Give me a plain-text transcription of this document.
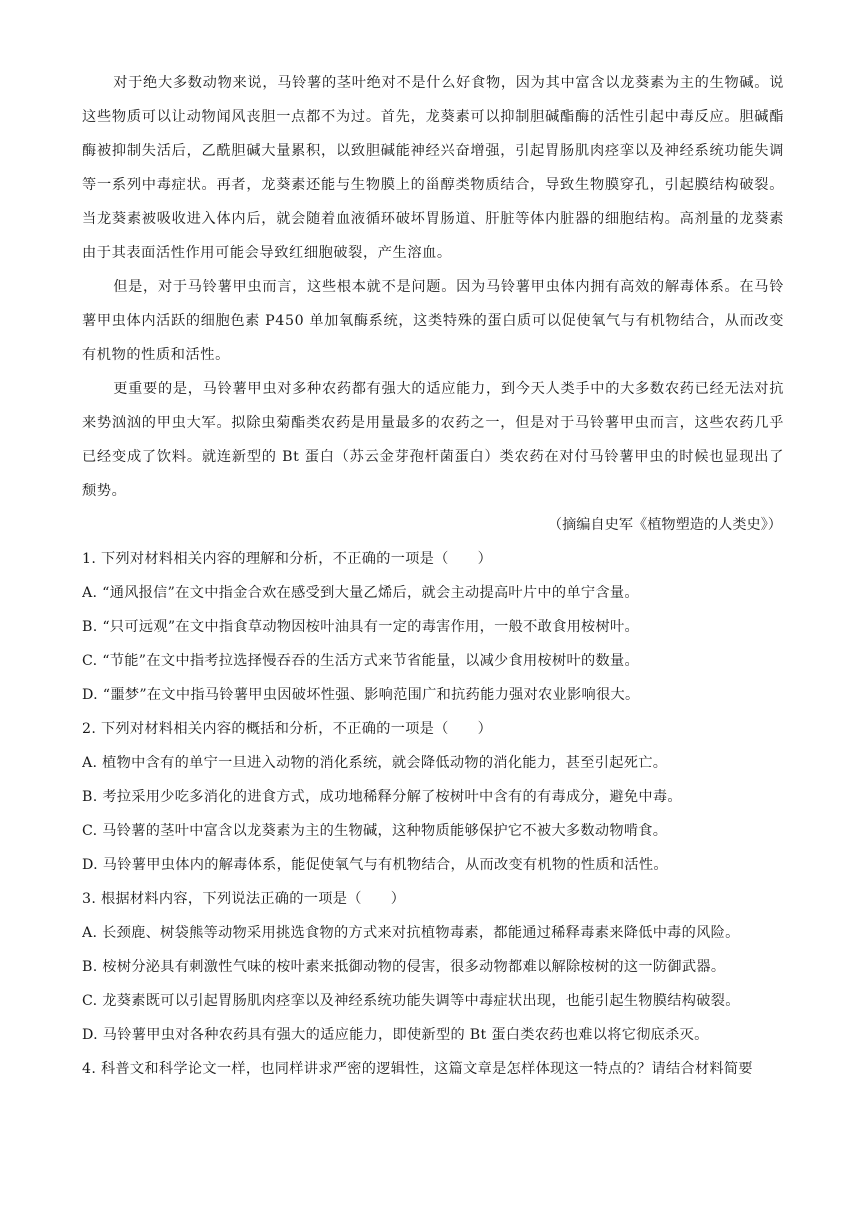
对于绝大多数动物来说，马铃薯的茎叶绝对不是什么好食物，因为其中富含以龙葵素为主的生物碱。说这些物质可以让动物闻风丧胆一点都不为过。首先，龙葵素可以抑制胆碱酯酶的活性引起中毒反应。胆碱酯酶被抑制失活后，乙酰胆碱大量累积，以致胆碱能神经兴奋增强，引起胃肠肌肉痉挛以及神经系统功能失调等一系列中毒症状。再者，龙葵素还能与生物膜上的甾醇类物质结合，导致生物膜穿孔，引起膜结构破裂。当龙葵素被吸收进入体内后，就会随着血液循环破坏胃肠道、肝脏等体内脏器的细胞结构。高剂量的龙葵素由于其表面活性作用可能会导致红细胞破裂，产生溶血。

但是，对于马铃薯甲虫而言，这些根本就不是问题。因为马铃薯甲虫体内拥有高效的解毒体系。在马铃薯甲虫体内活跃的细胞色素 P450 单加氧酶系统，这类特殊的蛋白质可以促使氧气与有机物结合，从而改变有机物的性质和活性。

更重要的是，马铃薯甲虫对多种农药都有强大的适应能力，到今天人类手中的大多数农药已经无法对抗来势汹汹的甲虫大军。拟除虫菊酯类农药是用量最多的农药之一，但是对于马铃薯甲虫而言，这些农药几乎已经变成了饮料。就连新型的 Bt 蛋白（苏云金芽孢杆菌蛋白）类农药在对付马铃薯甲虫的时候也显现出了颓势。

（摘编自史军《植物塑造的人类史》）

1. 下列对材料相关内容的理解和分析，不正确的一项是（　　）

A. “通风报信”在文中指金合欢在感受到大量乙烯后，就会主动提高叶片中的单宁含量。

B. “只可远观”在文中指食草动物因桉叶油具有一定的毒害作用，一般不敢食用桉树叶。

C. “节能”在文中指考拉选择慢吞吞的生活方式来节省能量，以减少食用桉树叶的数量。

D. “噩梦”在文中指马铃薯甲虫因破坏性强、影响范围广和抗药能力强对农业影响很大。

2. 下列对材料相关内容的概括和分析，不正确的一项是（　　）

A. 植物中含有的单宁一旦进入动物的消化系统，就会降低动物的消化能力，甚至引起死亡。

B. 考拉采用少吃多消化的进食方式，成功地稀释分解了桉树叶中含有的有毒成分，避免中毒。

C. 马铃薯的茎叶中富含以龙葵素为主的生物碱，这种物质能够保护它不被大多数动物啃食。

D. 马铃薯甲虫体内的解毒体系，能促使氧气与有机物结合，从而改变有机物的性质和活性。

3. 根据材料内容，下列说法正确的一项是（　　）

A. 长颈鹿、树袋熊等动物采用挑选食物的方式来对抗植物毒素，都能通过稀释毒素来降低中毒的风险。

B. 桉树分泌具有刺激性气味的桉叶素来抵御动物的侵害，很多动物都难以解除桉树的这一防御武器。

C. 龙葵素既可以引起胃肠肌肉痉挛以及神经系统功能失调等中毒症状出现，也能引起生物膜结构破裂。

D. 马铃薯甲虫对各种农药具有强大的适应能力，即使新型的 Bt 蛋白类农药也难以将它彻底杀灭。

4. 科普文和科学论文一样，也同样讲求严密的逻辑性，这篇文章是怎样体现这一特点的？请结合材料简要
